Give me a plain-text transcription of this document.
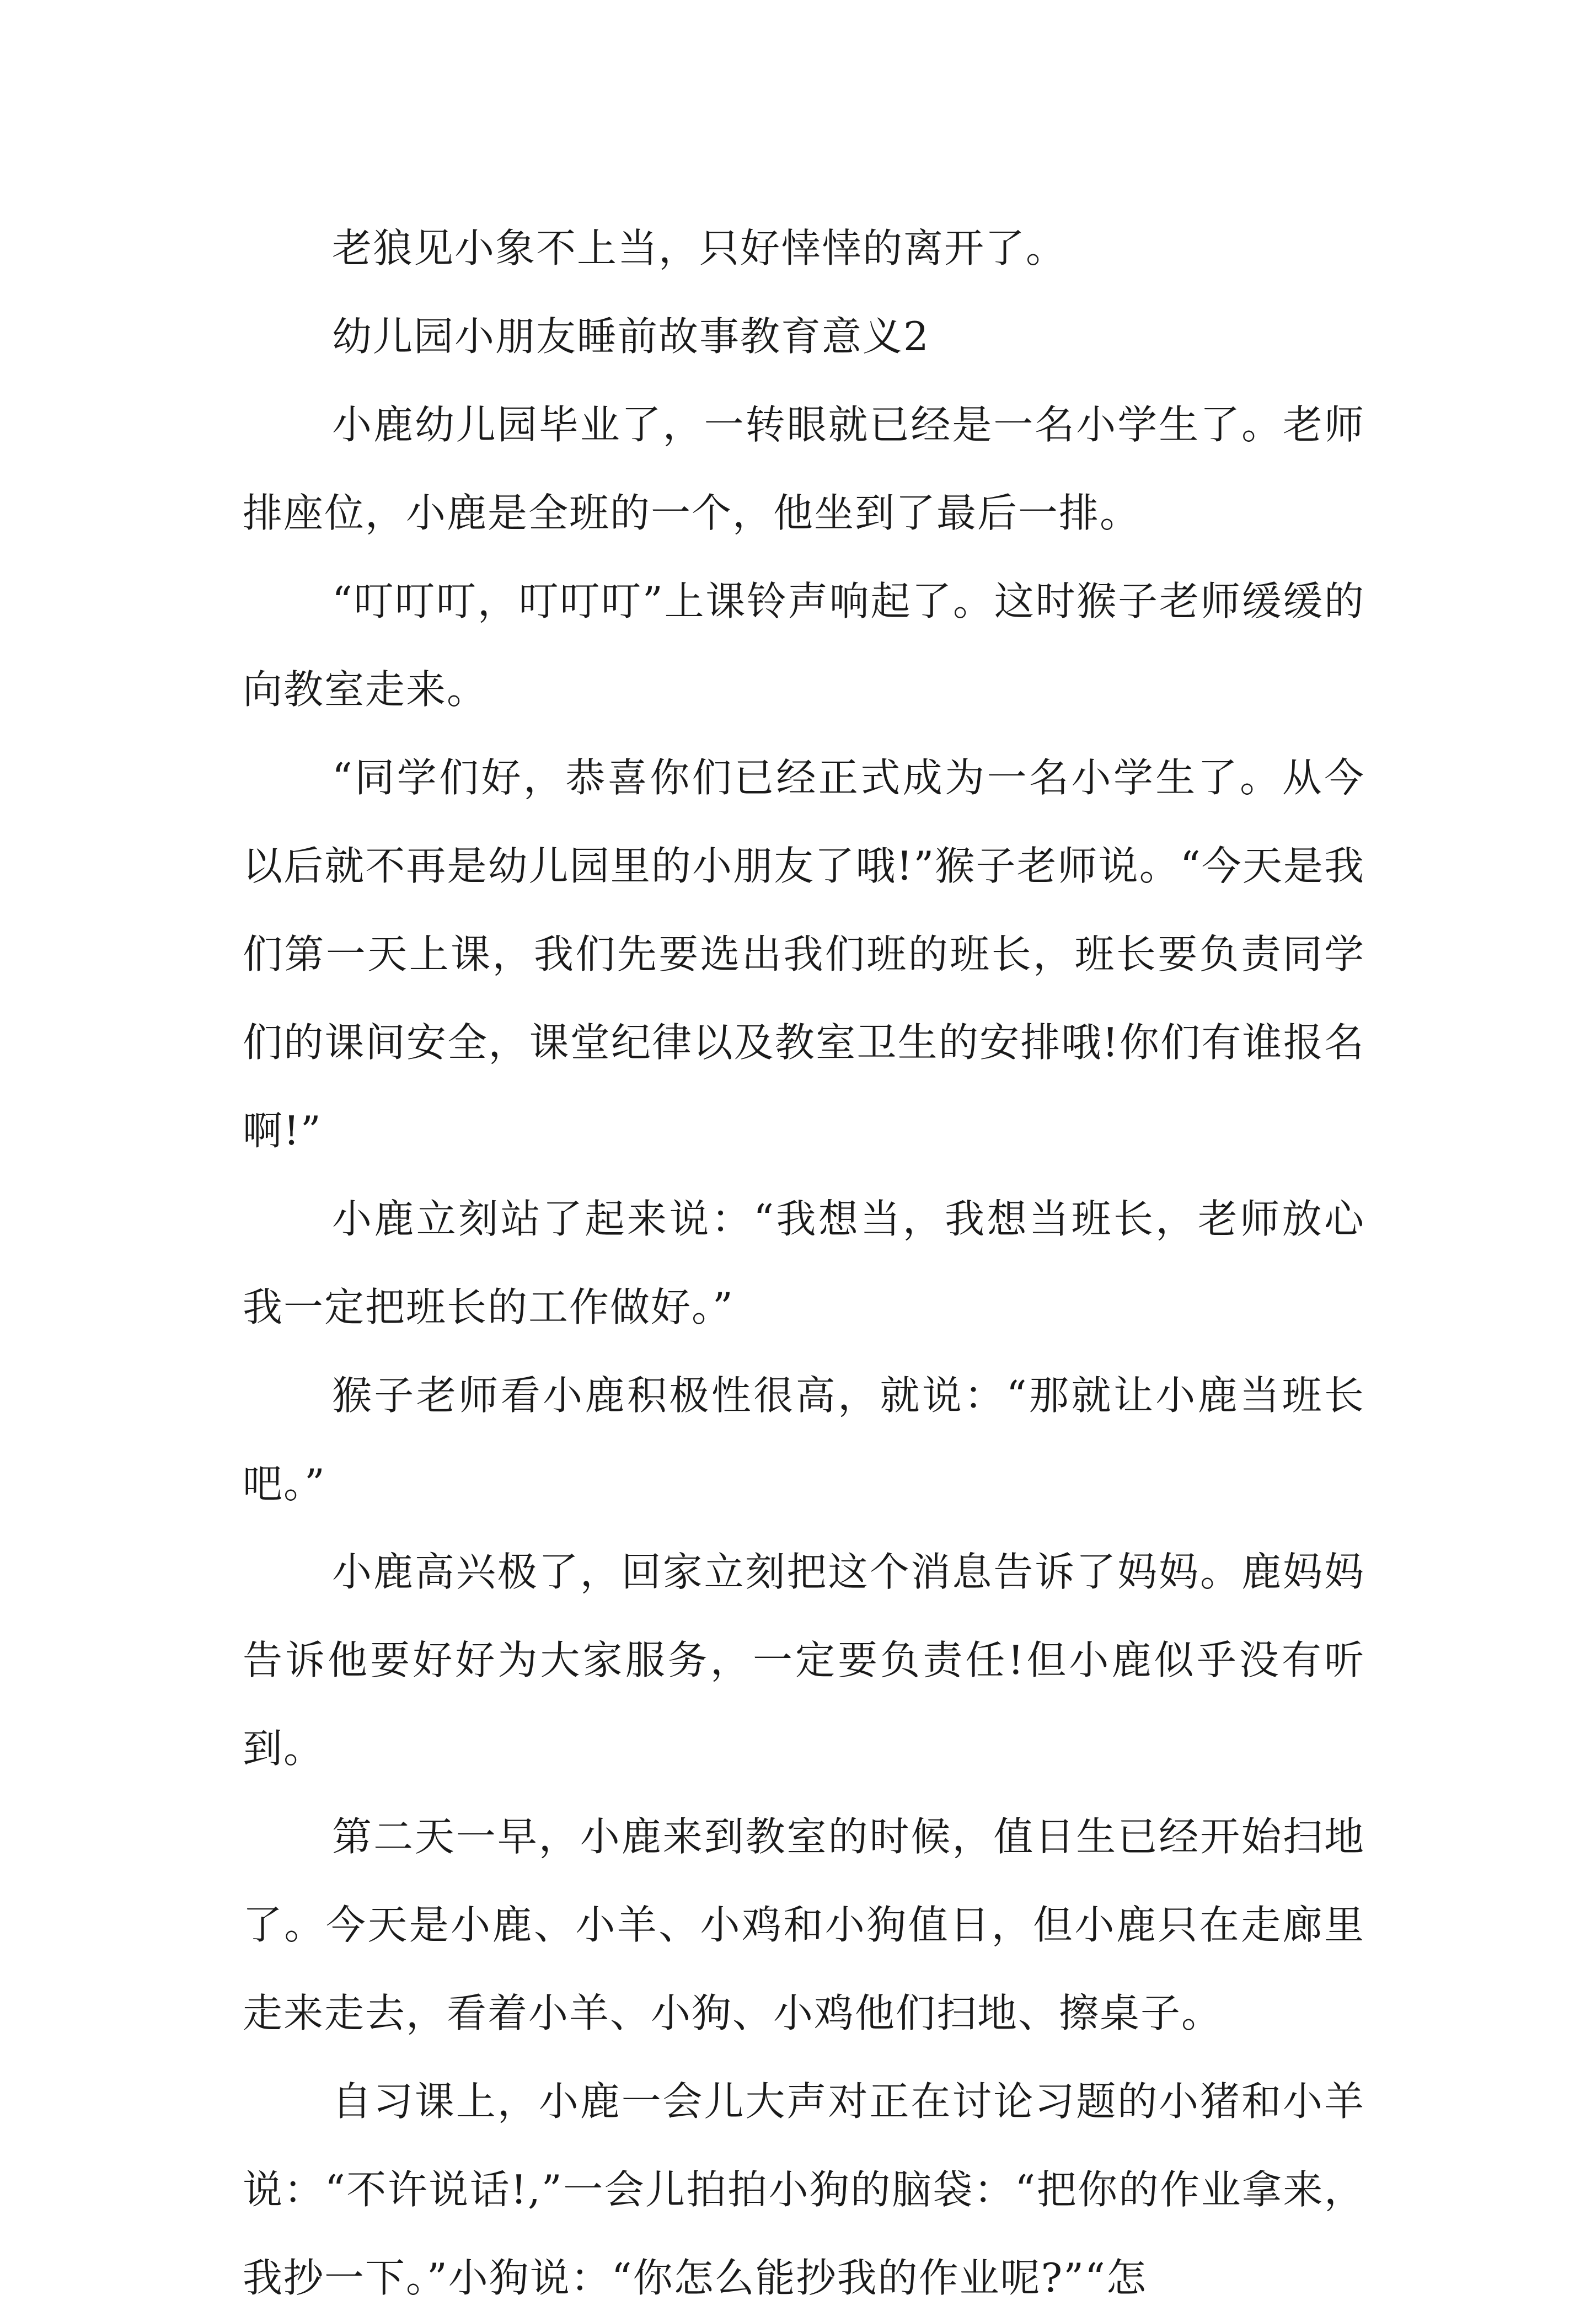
老狼见小象不上当，只好悻悻的离开了。

幼儿园小朋友睡前故事教育意义2

小鹿幼儿园毕业了，一转眼就已经是一名小学生了。老师排座位，小鹿是全班的一个，他坐到了最后一排。

“叮叮叮，叮叮叮”上课铃声响起了。这时猴子老师缓缓的向教室走来。

“同学们好，恭喜你们已经正式成为一名小学生了。从今以后就不再是幼儿园里的小朋友了哦!”猴子老师说。“今天是我们第一天上课，我们先要选出我们班的班长，班长要负责同学们的课间安全，课堂纪律以及教室卫生的安排哦!你们有谁报名啊!”

小鹿立刻站了起来说：“我想当，我想当班长，老师放心我一定把班长的工作做好。”

猴子老师看小鹿积极性很高，就说：“那就让小鹿当班长吧。”

小鹿高兴极了，回家立刻把这个消息告诉了妈妈。鹿妈妈告诉他要好好为大家服务，一定要负责任!但小鹿似乎没有听到。

第二天一早，小鹿来到教室的时候，值日生已经开始扫地了。今天是小鹿、小羊、小鸡和小狗值日，但小鹿只在走廊里走来走去，看着小羊、小狗、小鸡他们扫地、擦桌子。

自习课上，小鹿一会儿大声对正在讨论习题的小猪和小羊说：“不许说话!,”一会儿拍拍小狗的脑袋：“把你的作业拿来，我抄一下。”小狗说：“你怎么能抄我的作业呢?”“怎
